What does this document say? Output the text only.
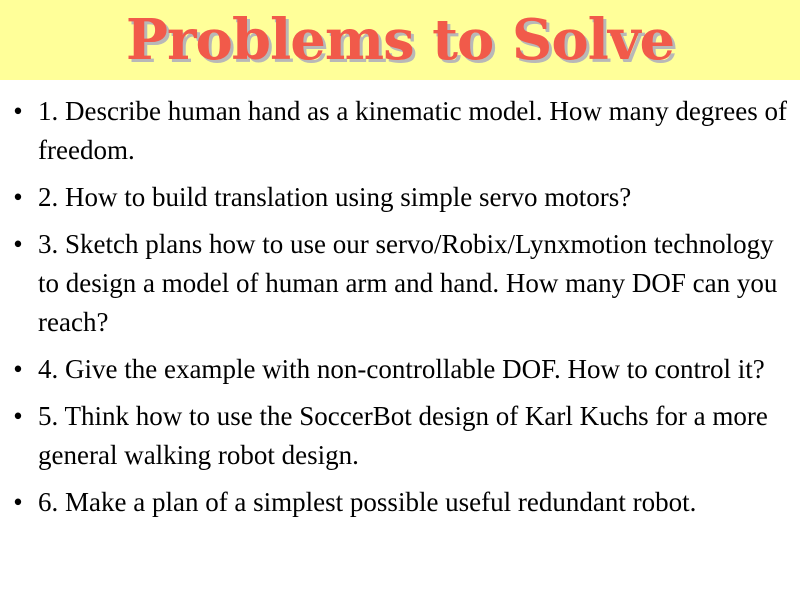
Problems to Solve
• 1. Describe human hand as a kinematic model. How many degrees of freedom.
• 2. How to build translation using simple servo motors?
• 3. Sketch plans how to use our servo/Robix/Lynxmotion technology to design a model of human arm and hand. How many DOF can you reach?
• 4. Give the example with non-controllable DOF. How to control it?
• 5. Think how to use the SoccerBot design of Karl Kuchs for a more general walking robot design.
• 6. Make a plan of a simplest possible useful redundant robot.
